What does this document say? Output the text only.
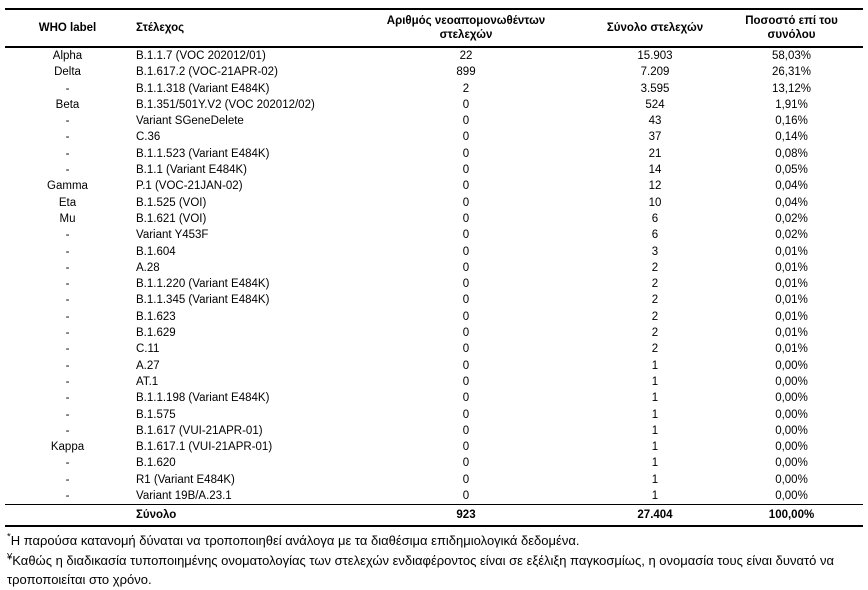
WHO label	Στέλεχος	Αριθμός νεοαπομονωθέντων στελεχών	Σύνολο στελεχών	Ποσοστό επί του συνόλου
Alpha	B.1.1.7 (VOC 202012/01)	22	15.903	58,03%
Delta	B.1.617.2 (VOC-21APR-02)	899	7.209	26,31%
-	B.1.1.318 (Variant E484K)	2	3.595	13,12%
Beta	B.1.351/501Y.V2 (VOC 202012/02)	0	524	1,91%
-	Variant SGeneDelete	0	43	0,16%
-	C.36	0	37	0,14%
-	B.1.1.523 (Variant E484K)	0	21	0,08%
-	B.1.1 (Variant E484K)	0	14	0,05%
Gamma	P.1 (VOC-21JAN-02)	0	12	0,04%
Eta	B.1.525 (VOI)	0	10	0,04%
Mu	B.1.621 (VOI)	0	6	0,02%
-	Variant Y453F	0	6	0,02%
-	B.1.604	0	3	0,01%
-	A.28	0	2	0,01%
-	B.1.1.220 (Variant E484K)	0	2	0,01%
-	B.1.1.345 (Variant E484K)	0	2	0,01%
-	B.1.623	0	2	0,01%
-	B.1.629	0	2	0,01%
-	C.11	0	2	0,01%
-	A.27	0	1	0,00%
-	AT.1	0	1	0,00%
-	B.1.1.198 (Variant E484K)	0	1	0,00%
-	B.1.575	0	1	0,00%
-	B.1.617 (VUI-21APR-01)	0	1	0,00%
Kappa	B.1.617.1 (VUI-21APR-01)	0	1	0,00%
-	B.1.620	0	1	0,00%
-	R1 (Variant E484K)	0	1	0,00%
-	Variant 19B/A.23.1	0	1	0,00%
	Σύνολο	923	27.404	100,00%

*Η παρούσα κατανομή δύναται να τροποποιηθεί ανάλογα με τα διαθέσιμα επιδημιολογικά δεδομένα.

¥Καθώς η διαδικασία τυποποιημένης ονοματολογίας των στελεχών ενδιαφέροντος είναι σε εξέλιξη παγκοσμίως, η ονομασία τους είναι δυνατό να τροποποιείται στο χρόνο.
